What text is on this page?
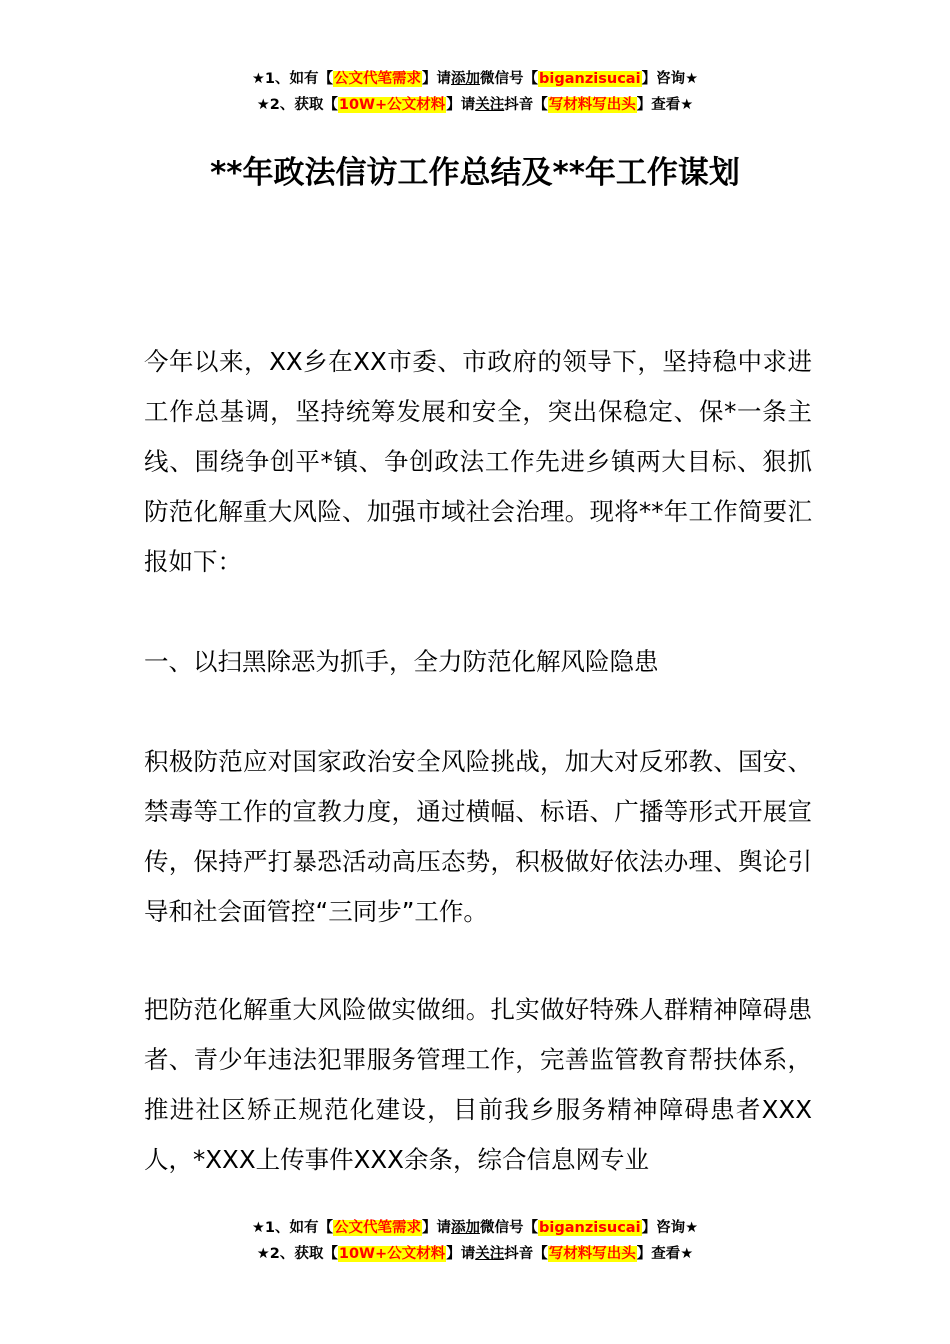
★1、如有【公文代笔需求】请添加微信号【biganzisucai】咨询★
★2、获取【10W+公文材料】请关注抖音【写材料写出头】查看★
**年政法信访工作总结及**年工作谋划

今年以来，XX乡在XX市委、市政府的领导下，坚持稳中求进工作总基调，坚持统筹发展和安全，突出保稳定、保*一条主线、围绕争创平*镇、争创政法工作先进乡镇两大目标、狠抓防范化解重大风险、加强市域社会治理。现将**年工作简要汇报如下：

一、以扫黑除恶为抓手，全力防范化解风险隐患

积极防范应对国家政治安全风险挑战，加大对反邪教、国安、禁毒等工作的宣教力度，通过横幅、标语、广播等形式开展宣传，保持严打暴恐活动高压态势，积极做好依法办理、舆论引导和社会面管控“三同步”工作。

把防范化解重大风险做实做细。扎实做好特殊人群精神障碍患者、青少年违法犯罪服务管理工作，完善监管教育帮扶体系，推进社区矫正规范化建设，目前我乡服务精神障碍患者XXX人，*XXX上传事件XXX余条，综合信息网专业

★1、如有【公文代笔需求】请添加微信号【biganzisucai】咨询★
★2、获取【10W+公文材料】请关注抖音【写材料写出头】查看★
